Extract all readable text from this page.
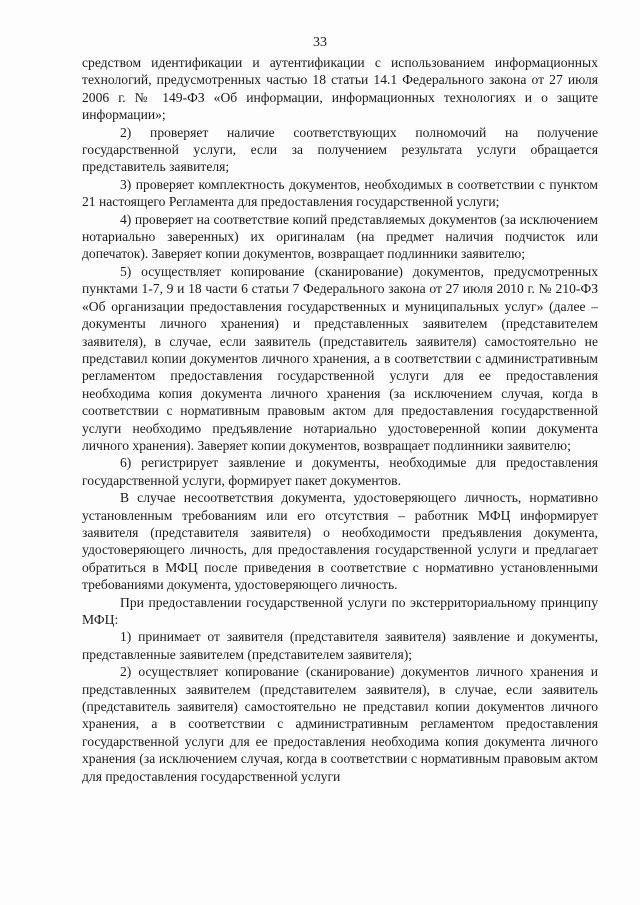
33

средством идентификации и аутентификации с использованием информационных технологий, предусмотренных частью 18 статьи 14.1 Федерального закона от 27 июля 2006 г. № 149-ФЗ «Об информации, информационных технологиях и о защите информации»;

2) проверяет наличие соответствующих полномочий на получение государственной услуги, если за получением результата услуги обращается представитель заявителя;

3) проверяет комплектность документов, необходимых в соответствии с пунктом 21 настоящего Регламента для предоставления государственной услуги;

4) проверяет на соответствие копий представляемых документов (за исключением нотариально заверенных) их оригиналам (на предмет наличия подчисток или допечаток). Заверяет копии документов, возвращает подлинники заявителю;

5) осуществляет копирование (сканирование) документов, предусмотренных пунктами 1-7, 9 и 18 части 6 статьи 7 Федерального закона от 27 июля 2010 г. № 210-ФЗ «Об организации предоставления государственных и муниципальных услуг» (далее – документы личного хранения) и представленных заявителем (представителем заявителя), в случае, если заявитель (представитель заявителя) самостоятельно не представил копии документов личного хранения, а в соответствии с административным регламентом предоставления государственной услуги для ее предоставления необходима копия документа личного хранения (за исключением случая, когда в соответствии с нормативным правовым актом для предоставления государственной услуги необходимо предъявление нотариально удостоверенной копии документа личного хранения). Заверяет копии документов, возвращает подлинники заявителю;

6) регистрирует заявление и документы, необходимые для предоставления государственной услуги, формирует пакет документов.

В случае несоответствия документа, удостоверяющего личность, нормативно установленным требованиям или его отсутствия – работник МФЦ информирует заявителя (представителя заявителя) о необходимости предъявления документа, удостоверяющего личность, для предоставления государственной услуги и предлагает обратиться в МФЦ после приведения в соответствие с нормативно установленными требованиями документа, удостоверяющего личность.

При предоставлении государственной услуги по экстерриториальному принципу МФЦ:

1) принимает от заявителя (представителя заявителя) заявление и документы, представленные заявителем (представителем заявителя);

2) осуществляет копирование (сканирование) документов личного хранения и представленных заявителем (представителем заявителя), в случае, если заявитель (представитель заявителя) самостоятельно не представил копии документов личного хранения, а в соответствии с административным регламентом предоставления государственной услуги для ее предоставления необходима копия документа личного хранения (за исключением случая, когда в соответствии с нормативным правовым актом для предоставления государственной услуги
